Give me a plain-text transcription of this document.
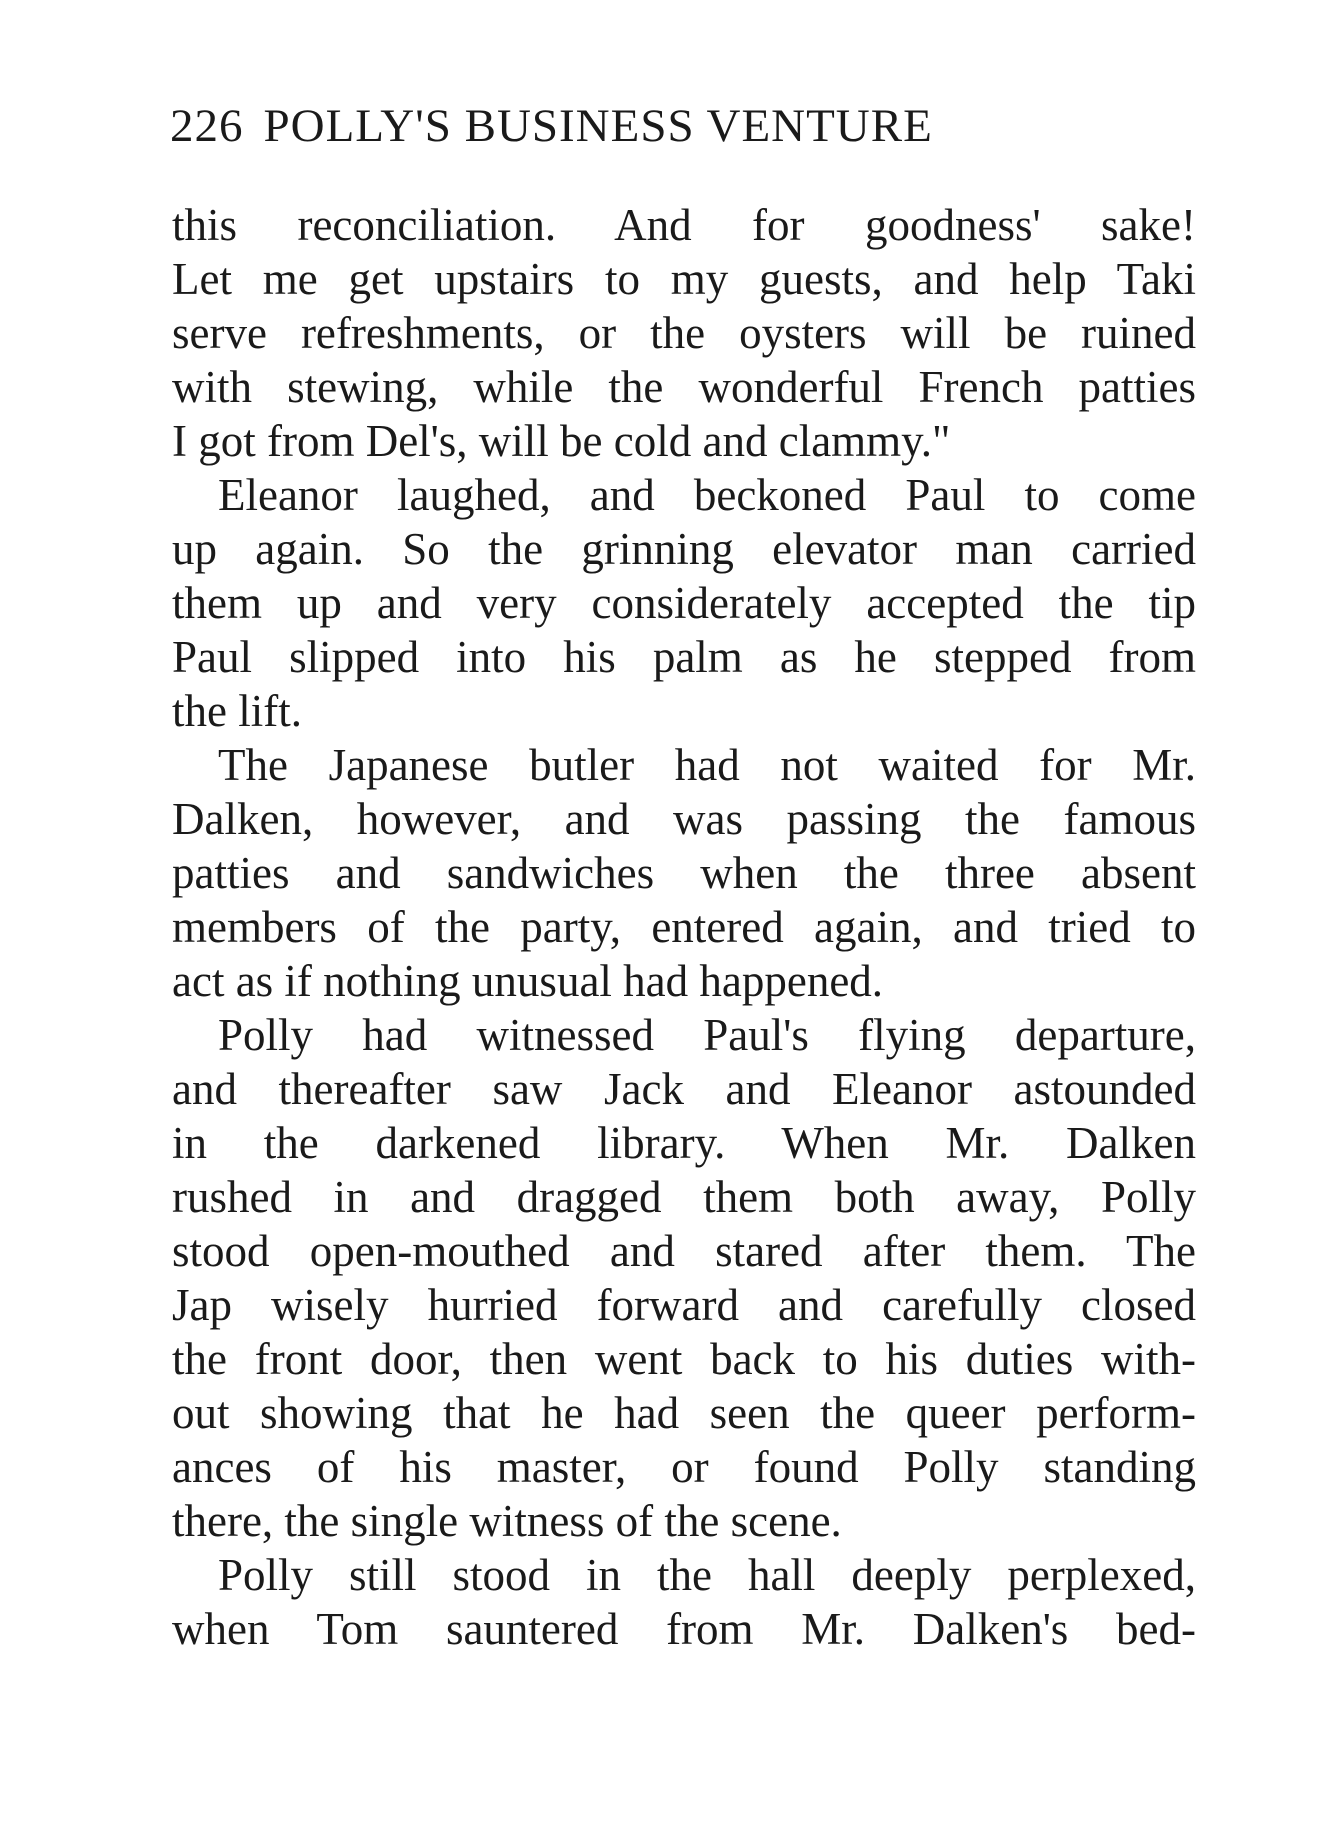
226 POLLY'S BUSINESS VENTURE
this reconciliation. And for goodness' sake!
Let me get upstairs to my guests, and help Taki
serve refreshments, or the oysters will be ruined
with stewing, while the wonderful French patties
I got from Del's, will be cold and clammy."
Eleanor laughed, and beckoned Paul to come
up again. So the grinning elevator man carried
them up and very considerately accepted the tip
Paul slipped into his palm as he stepped from
the lift.
The Japanese butler had not waited for Mr.
Dalken, however, and was passing the famous
patties and sandwiches when the three absent
members of the party, entered again, and tried to
act as if nothing unusual had happened.
Polly had witnessed Paul's flying departure,
and thereafter saw Jack and Eleanor astounded
in the darkened library. When Mr. Dalken
rushed in and dragged them both away, Polly
stood open-mouthed and stared after them. The
Jap wisely hurried forward and carefully closed
the front door, then went back to his duties with-
out showing that he had seen the queer perform-
ances of his master, or found Polly standing
there, the single witness of the scene.
Polly still stood in the hall deeply perplexed,
when Tom sauntered from Mr. Dalken's bed-
